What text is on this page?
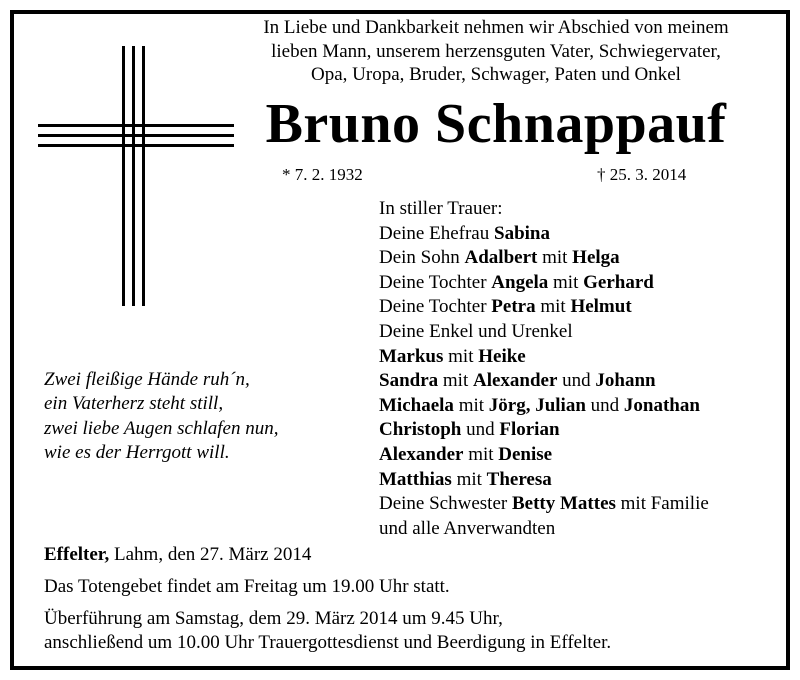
In Liebe und Dankbarkeit nehmen wir Abschied von meinem
lieben Mann, unserem herzensguten Vater, Schwiegervater,
Opa, Uropa, Bruder, Schwager, Paten und Onkel
Bruno Schnappauf
* 7. 2. 1932	† 25. 3. 2014
In stiller Trauer:
Deine Ehefrau Sabina
Dein Sohn Adalbert mit Helga
Deine Tochter Angela mit Gerhard
Deine Tochter Petra mit Helmut
Deine Enkel und Urenkel
Markus mit Heike
Sandra mit Alexander und Johann
Michaela mit Jörg, Julian und Jonathan
Christoph und Florian
Alexander mit Denise
Matthias mit Theresa
Deine Schwester Betty Mattes mit Familie
und alle Anverwandten
Zwei fleißige Hände ruh´n,
ein Vaterherz steht still,
zwei liebe Augen schlafen nun,
wie es der Herrgott will.

Effelter, Lahm, den 27. März 2014

Das Totengebet findet am Freitag um 19.00 Uhr statt.

Überführung am Samstag, dem 29. März 2014 um 9.45 Uhr,

anschließend um 10.00 Uhr Trauergottesdienst und Beerdigung in Effelter.
